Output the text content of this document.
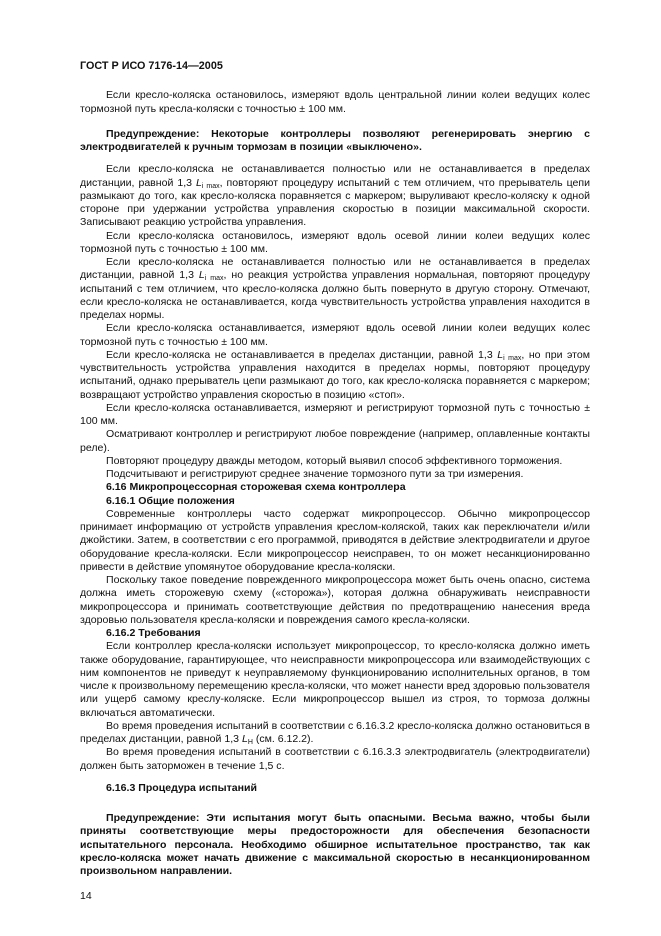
ГОСТ Р ИСО 7176-14—2005

Если кресло-коляска остановилось, измеряют вдоль центральной линии колеи ведущих колес тормозной путь кресла-коляски с точностью ± 100 мм.

Предупреждение: Некоторые контроллеры позволяют регенерировать энергию с электродвигателей к ручным тормозам в позиции «выключено».

Если кресло-коляска не останавливается полностью или не останавливается в пределах дистанции, равной 1,3 $L_{i max}$, повторяют процедуру испытаний с тем отличием, что прерыватель цепи размыкают до того, как кресло-коляска поравняется с маркером; выруливают кресло-коляску к одной стороне при удержании устройства управления скоростью в позиции максимальной скорости. Записывают реакцию устройства управления.

Если кресло-коляска остановилось, измеряют вдоль осевой линии колеи ведущих колес тормозной путь с точностью ± 100 мм.

Если кресло-коляска не останавливается полностью или не останавливается в пределах дистанции, равной 1,3 $L_{i max}$, но реакция устройства управления нормальная, повторяют процедуру испытаний с тем отличием, что кресло-коляска должно быть повернуто в другую сторону. Отмечают, если кресло-коляска не останавливается, когда чувствительность устройства управления находится в пределах нормы.

Если кресло-коляска останавливается, измеряют вдоль осевой линии колеи ведущих колес тормозной путь с точностью ± 100 мм.

Если кресло-коляска не останавливается в пределах дистанции, равной 1,3 $L_{i max}$, но при этом чувствительность устройства управления находится в пределах нормы, повторяют процедуру испытаний, однако прерыватель цепи размыкают до того, как кресло-коляска поравняется с маркером; возвращают устройство управления скоростью в позицию «стоп».

Если кресло-коляска останавливается, измеряют и регистрируют тормозной путь с точностью ± 100 мм.

Осматривают контроллер и регистрируют любое повреждение (например, оплавленные контакты реле).

Повторяют процедуру дважды методом, который выявил способ эффективного торможения.

Подсчитывают и регистрируют среднее значение тормозного пути за три измерения.

6.16 Микропроцессорная сторожевая схема контроллера

6.16.1 Общие положения

Современные контроллеры часто содержат микропроцессор. Обычно микропроцессор принимает информацию от устройств управления креслом-коляской, таких как переключатели и/или джойстики. Затем, в соответствии с его программой, приводятся в действие электродвигатели и другое оборудование кресла-коляски. Если микропроцессор неисправен, то он может несанкционированно привести в действие упомянутое оборудование кресла-коляски.

Поскольку такое поведение поврежденного микропроцессора может быть очень опасно, система должна иметь сторожевую схему («сторожа»), которая должна обнаруживать неисправности микропроцессора и принимать соответствующие действия по предотвращению нанесения вреда здоровью пользователя кресла-коляски и повреждения самого кресла-коляски.

6.16.2 Требования

Если контроллер кресла-коляски использует микропроцессор, то кресло-коляска должно иметь также оборудование, гарантирующее, что неисправности микропроцессора или взаимодействующих с ним компонентов не приведут к неуправляемому функционированию исполнительных органов, в том числе к произвольному перемещению кресла-коляски, что может нанести вред здоровью пользователя или ущерб самому креслу-коляске. Если микропроцессор вышел из строя, то тормоза должны включаться автоматически.

Во время проведения испытаний в соответствии с 6.16.3.2 кресло-коляска должно остановиться в пределах дистанции, равной 1,3 $L_H$ (см. 6.12.2).

Во время проведения испытаний в соответствии с 6.16.3.3 электродвигатель (электродвигатели) должен быть заторможен в течение 1,5 с.

6.16.3 Процедура испытаний

Предупреждение: Эти испытания могут быть опасными. Весьма важно, чтобы были приняты соответствующие меры предосторожности для обеспечения безопасности испытательного персонала. Необходимо обширное испытательное пространство, так как кресло-коляска может начать движение с максимальной скоростью в несанкционированном произвольном направлении.

14
